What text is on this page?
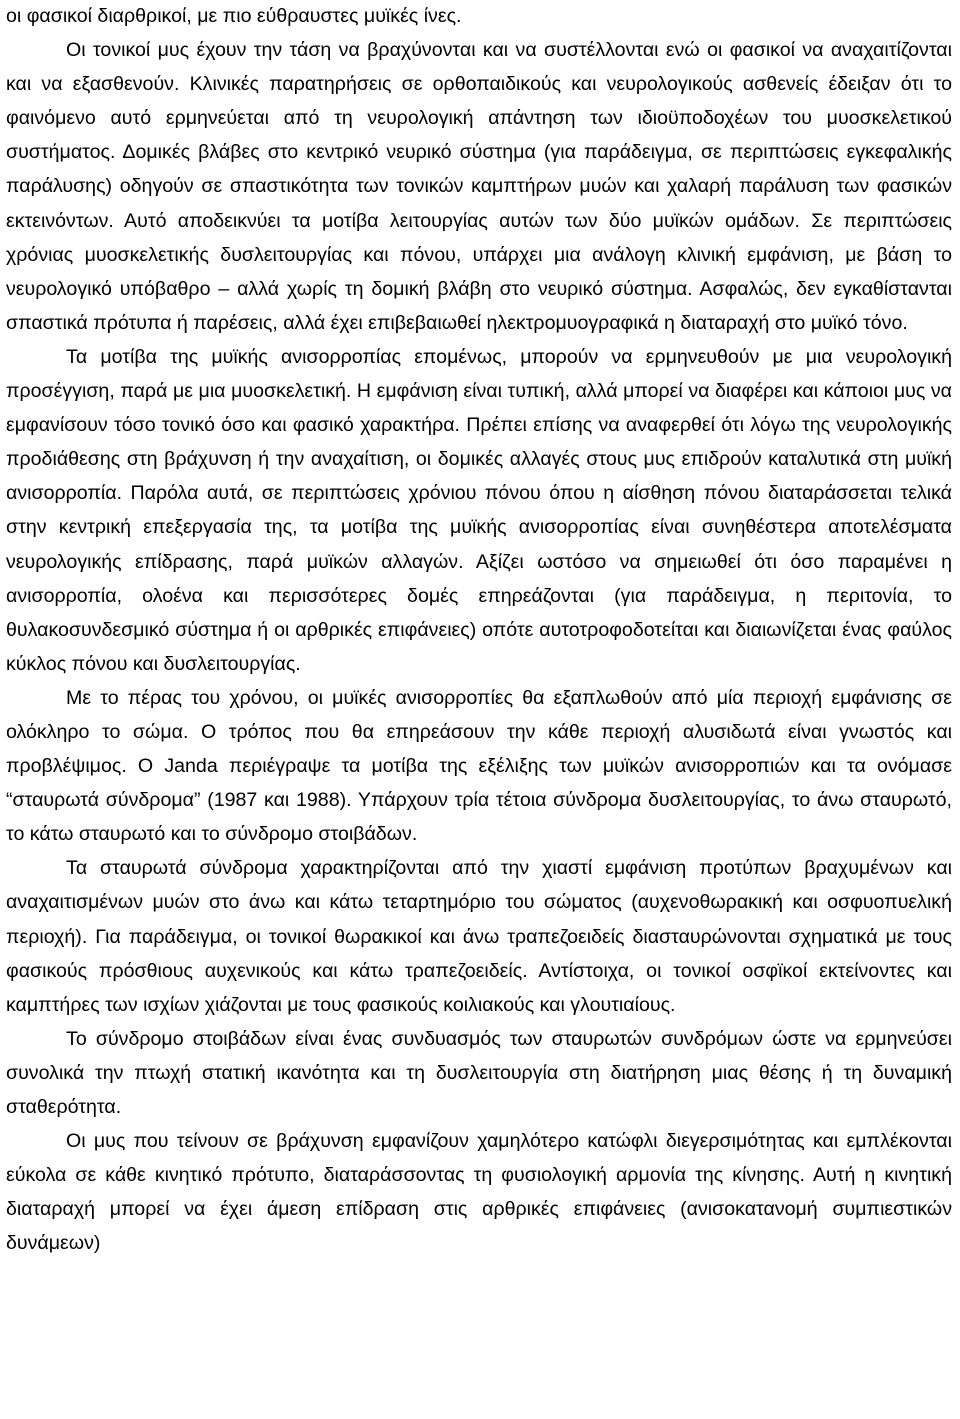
οι φασικοί διαρθρικοί, με πιο εύθραυστες μυϊκές ίνες.

Οι τονικοί μυς έχουν την τάση να βραχύνονται και να συστέλλονται ενώ οι φασικοί να αναχαιτίζονται και να εξασθενούν. Κλινικές παρατηρήσεις σε ορθοπαιδικούς και νευρολογικούς ασθενείς έδειξαν ότι το φαινόμενο αυτό ερμηνεύεται από τη νευρολογική απάντηση των ιδιοϋποδοχέων του μυοσκελετικού συστήματος. Δομικές βλάβες στο κεντρικό νευρικό σύστημα (για παράδειγμα, σε περιπτώσεις εγκεφαλικής παράλυσης) οδηγούν σε σπαστικότητα των τονικών καμπτήρων μυών και χαλαρή παράλυση των φασικών εκτεινόντων. Αυτό αποδεικνύει τα μοτίβα λειτουργίας αυτών των δύο μυϊκών ομάδων. Σε περιπτώσεις χρόνιας μυοσκελετικής δυσλειτουργίας και πόνου, υπάρχει μια ανάλογη κλινική εμφάνιση, με βάση το νευρολογικό υπόβαθρο – αλλά χωρίς τη δομική βλάβη στο νευρικό σύστημα. Ασφαλώς, δεν εγκαθίστανται σπαστικά πρότυπα ή παρέσεις, αλλά έχει επιβεβαιωθεί ηλεκτρομυογραφικά η διαταραχή στο μυϊκό τόνο.

Τα μοτίβα της μυϊκής ανισορροπίας επομένως, μπορούν να ερμηνευθούν με μια νευρολογική προσέγγιση, παρά με μια μυοσκελετική. Η εμφάνιση είναι τυπική, αλλά μπορεί να διαφέρει και κάποιοι μυς να εμφανίσουν τόσο τονικό όσο και φασικό χαρακτήρα. Πρέπει επίσης να αναφερθεί ότι λόγω της νευρολογικής προδιάθεσης στη βράχυνση ή την αναχαίτιση, οι δομικές αλλαγές στους μυς επιδρούν καταλυτικά στη μυϊκή ανισορροπία. Παρόλα αυτά, σε περιπτώσεις χρόνιου πόνου όπου η αίσθηση πόνου διαταράσσεται τελικά στην κεντρική επεξεργασία της, τα μοτίβα της μυϊκής ανισορροπίας είναι συνηθέστερα αποτελέσματα νευρολογικής επίδρασης, παρά μυϊκών αλλαγών. Αξίζει ωστόσο να σημειωθεί ότι όσο παραμένει η ανισορροπία, ολοένα και περισσότερες δομές επηρεάζονται (για παράδειγμα, η περιτονία, το θυλακοσυνδεσμικό σύστημα ή οι αρθρικές επιφάνειες) οπότε αυτοτροφοδοτείται και διαιωνίζεται ένας φαύλος κύκλος πόνου και δυσλειτουργίας.

Με το πέρας του χρόνου, οι μυϊκές ανισορροπίες θα εξαπλωθούν από μία περιοχή εμφάνισης σε ολόκληρο το σώμα. Ο τρόπος που θα επηρεάσουν την κάθε περιοχή αλυσιδωτά είναι γνωστός και προβλέψιμος. Ο Janda περιέγραψε τα μοτίβα της εξέλιξης των μυϊκών ανισορροπιών και τα ονόμασε “σταυρωτά σύνδρομα” (1987 και 1988). Υπάρχουν τρία τέτοια σύνδρομα δυσλειτουργίας, το άνω σταυρωτό, το κάτω σταυρωτό και το σύνδρομο στοιβάδων.

Τα σταυρωτά σύνδρομα χαρακτηρίζονται από την χιαστί εμφάνιση προτύπων βραχυμένων και αναχαιτισμένων μυών στο άνω και κάτω τεταρτημόριο του σώματος (αυχενοθωρακική και οσφυοπυελική περιοχή). Για παράδειγμα, οι τονικοί θωρακικοί και άνω τραπεζοειδείς διασταυρώνονται σχηματικά με τους φασικούς πρόσθιους αυχενικούς και κάτω τραπεζοειδείς. Αντίστοιχα, οι τονικοί οσφϊκοί εκτείνοντες και καμπτήρες των ισχίων χιάζονται με τους φασικούς κοιλιακούς και γλουτιαίους.

Το σύνδρομο στοιβάδων είναι ένας συνδυασμός των σταυρωτών συνδρόμων ώστε να ερμηνεύσει συνολικά την πτωχή στατική ικανότητα και τη δυσλειτουργία στη διατήρηση μιας θέσης ή τη δυναμική σταθερότητα.

Οι μυς που τείνουν σε βράχυνση εμφανίζουν χαμηλότερο κατώφλι διεγερσιμότητας και εμπλέκονται εύκολα σε κάθε κινητικό πρότυπο, διαταράσσοντας τη φυσιολογική αρμονία της κίνησης. Αυτή η κινητική διαταραχή μπορεί να έχει άμεση επίδραση στις αρθρικές επιφάνειες (ανισοκατανομή συμπιεστικών δυνάμεων)
